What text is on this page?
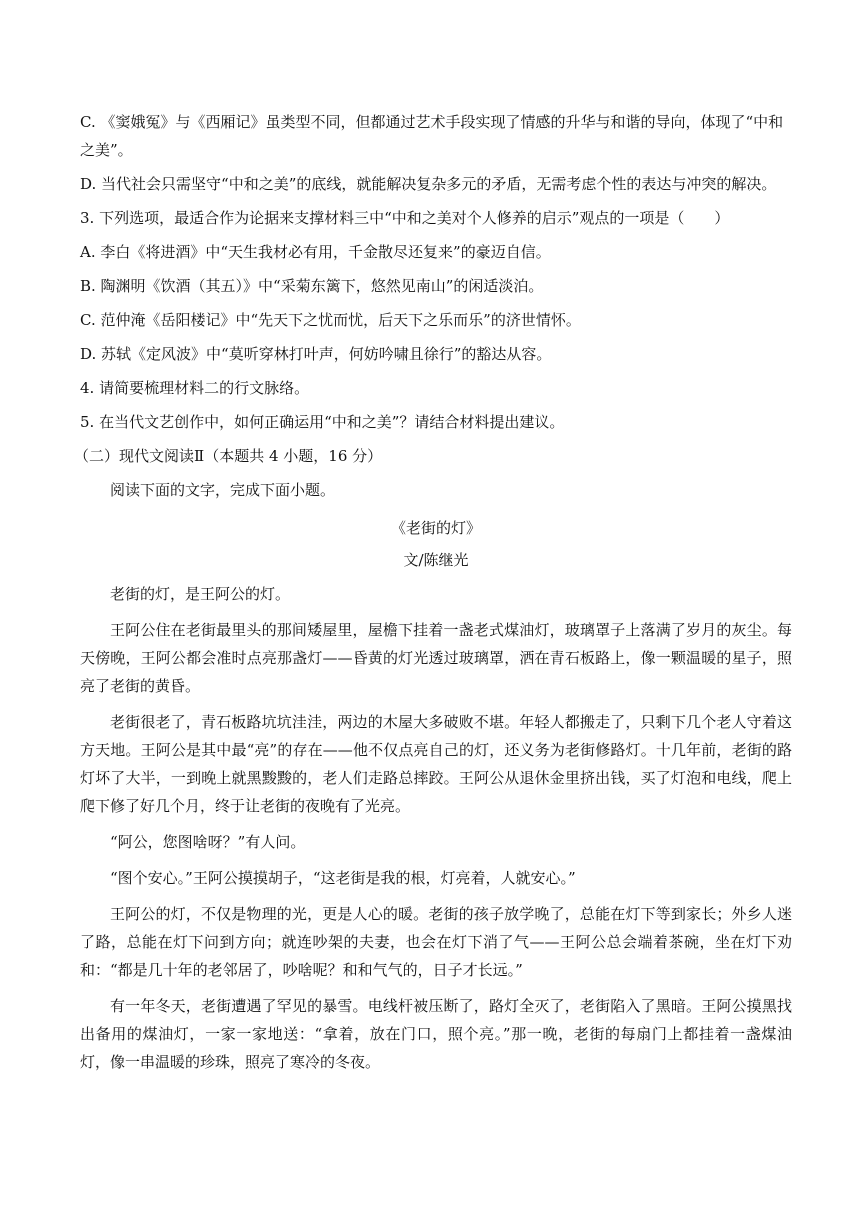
C. 《窦娥冤》与《西厢记》虽类型不同，但都通过艺术手段实现了情感的升华与和谐的导向，体现了“中和之美”。

D. 当代社会只需坚守“中和之美”的底线，就能解决复杂多元的矛盾，无需考虑个性的表达与冲突的解决。

3. 下列选项，最适合作为论据来支撑材料三中“中和之美对个人修养的启示”观点的一项是（　　）

A. 李白《将进酒》中“天生我材必有用，千金散尽还复来”的豪迈自信。

B. 陶渊明《饮酒（其五）》中“采菊东篱下，悠然见南山”的闲适淡泊。

C. 范仲淹《岳阳楼记》中“先天下之忧而忧，后天下之乐而乐”的济世情怀。

D. 苏轼《定风波》中“莫听穿林打叶声，何妨吟啸且徐行”的豁达从容。

4. 请简要梳理材料二的行文脉络。

5. 在当代文艺创作中，如何正确运用“中和之美”？请结合材料提出建议。

（二）现代文阅读Ⅱ（本题共 4 小题，16 分）

阅读下面的文字，完成下面小题。

《老街的灯》

文/陈继光

老街的灯，是王阿公的灯。

王阿公住在老街最里头的那间矮屋里，屋檐下挂着一盏老式煤油灯，玻璃罩子上落满了岁月的灰尘。每天傍晚，王阿公都会准时点亮那盏灯——昏黄的灯光透过玻璃罩，洒在青石板路上，像一颗温暖的星子，照亮了老街的黄昏。

老街很老了，青石板路坑坑洼洼，两边的木屋大多破败不堪。年轻人都搬走了，只剩下几个老人守着这方天地。王阿公是其中最“亮”的存在——他不仅点亮自己的灯，还义务为老街修路灯。十几年前，老街的路灯坏了大半，一到晚上就黑黢黢的，老人们走路总摔跤。王阿公从退休金里挤出钱，买了灯泡和电线，爬上爬下修了好几个月，终于让老街的夜晚有了光亮。

“阿公，您图啥呀？”有人问。

“图个安心。”王阿公摸摸胡子，“这老街是我的根，灯亮着，人就安心。”

王阿公的灯，不仅是物理的光，更是人心的暖。老街的孩子放学晚了，总能在灯下等到家长；外乡人迷了路，总能在灯下问到方向；就连吵架的夫妻，也会在灯下消了气——王阿公总会端着茶碗，坐在灯下劝和：“都是几十年的老邻居了，吵啥呢？和和气气的，日子才长远。”

有一年冬天，老街遭遇了罕见的暴雪。电线杆被压断了，路灯全灭了，老街陷入了黑暗。王阿公摸黑找出备用的煤油灯，一家一家地送：“拿着，放在门口，照个亮。”那一晚，老街的每扇门上都挂着一盏煤油灯，像一串温暖的珍珠，照亮了寒冷的冬夜。
